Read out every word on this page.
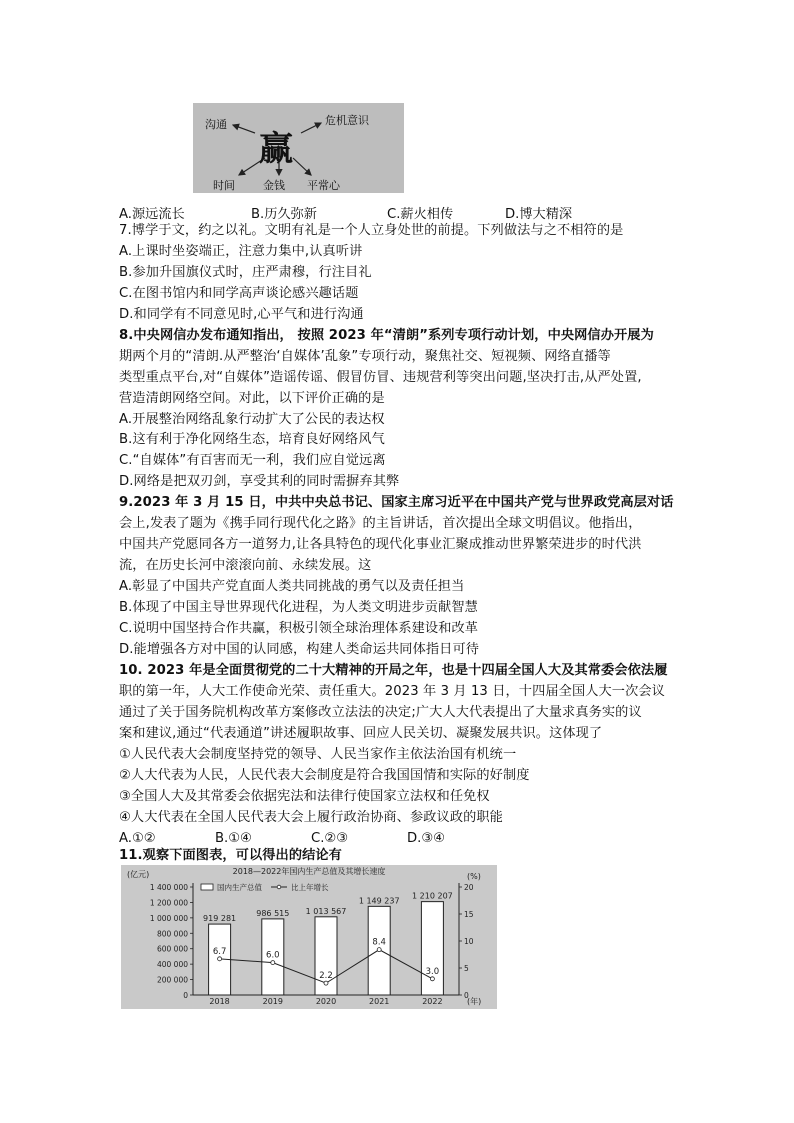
赢
沟通	危机意识
时间	金钱 平常心
A.源远流长	B.历久弥新	C.薪火相传	D.博大精深
7.博学于文，约之以礼。文明有礼是一个人立身处世的前提。下列做法与之不相符的是
A.上课时坐姿端正，注意力集中,认真听讲
B.参加升国旗仪式时，庄严肃穆，行注目礼
C.在图书馆内和同学高声谈论感兴趣话题
D.和同学有不同意见时,心平气和进行沟通
8.中央网信办发布通知指出， 按照 2023 年“清朗”系列专项行动计划，中央网信办开展为
期两个月的“清朗.从严整治‘自媒体’乱象”专项行动，聚焦社交、短视频、网络直播等
类型重点平台,对“自媒体”造谣传谣、假冒仿冒、违规营利等突出问题,坚决打击,从严处置,
营造清朗网络空间。对此，以下评价正确的是
A.开展整治网络乱象行动扩大了公民的表达权
B.这有利于净化网络生态，培育良好网络风气
C.“自媒体”有百害而无一利，我们应自觉远离
D.网络是把双刃剑，享受其利的同时需摒弃其弊
9.2023 年 3 月 15 日，中共中央总书记、国家主席习近平在中国共产党与世界政党高层对话
会上,发表了题为《携手同行现代化之路》的主旨讲话，首次提出全球文明倡议。他指出，
中国共产党愿同各方一道努力,让各具特色的现代化事业汇聚成推动世界繁荣进步的时代洪
流，在历史长河中滚滚向前、永续发展。这
A.彰显了中国共产党直面人类共同挑战的勇气以及责任担当
B.体现了中国主导世界现代化进程，为人类文明进步贡献智慧
C.说明中国坚持合作共赢，积极引领全球治理体系建设和改革
D.能增强各方对中国的认同感，构建人类命运共同体指日可待
10. 2023 年是全面贯彻党的二十大精神的开局之年，也是十四届全国人大及其常委会依法履
职的第一年，人大工作使命光荣、责任重大。2023 年 3 月 13 日，十四届全国人大一次会议
通过了关于国务院机构改革方案修改立法法的决定;广大人大代表提出了大量求真务实的议
案和建议,通过“代表通道”讲述履职故事、回应人民关切、凝聚发展共识。这体现了
①人民代表大会制度坚持党的领导、人民当家作主依法治国有机统一
②人大代表为人民，人民代表大会制度是符合我国国情和实际的好制度
③全国人大及其常委会依据宪法和法律行使国家立法权和任免权
④人大代表在全国人民代表大会上履行政治协商、参政议政的职能
A.①②	B.①④	C.②③	D.③④
11.观察下面图表，可以得出的结论有
2018—2022年国内生产总值及其增长速度
(亿元)	(%)
(年)
0
200 000
400 000
600 000
800 000
1 000 000
1 200 000
1 400 000
0
5
10
15
20
919 281
2018
986 515
2019
1 013 567
2020
1 149 237
2021
1 210 207
2022
6.7	6.0
2.2
8.4
3.0
国内生产总值	比上年增长
